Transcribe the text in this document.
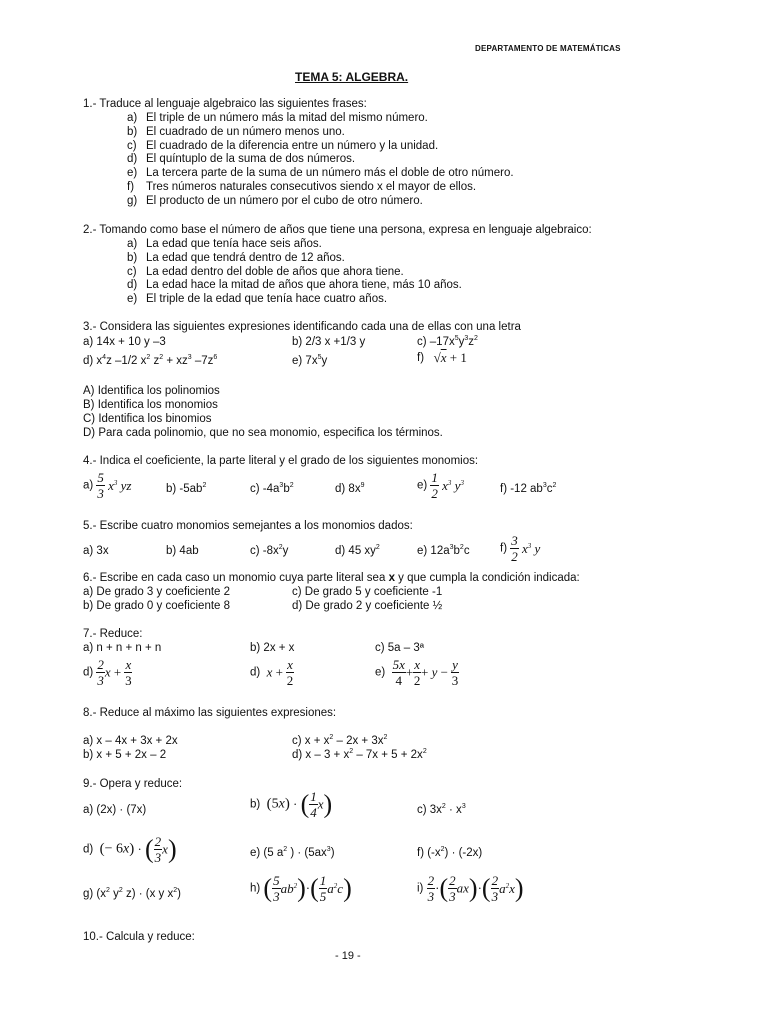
DEPARTAMENTO DE MATEMÁTICAS
TEMA 5: ALGEBRA.
1.- Traduce al lenguaje algebraico las siguientes frases:
a) El triple de un número más la mitad del mismo número.
b) El cuadrado de un número menos uno.
c) El cuadrado de la diferencia entre un número y la unidad.
d) El quíntuplo de la suma de dos números.
e) La tercera parte de la suma de un número más el doble de otro número.
f) Tres números naturales consecutivos siendo x el mayor de ellos.
g) El producto de un número por el cubo de otro número.
2.- Tomando como base el número de años que tiene una persona, expresa en lenguaje algebraico:
a) La edad que tenía hace seis años.
b) La edad que tendrá dentro de 12 años.
c) La edad dentro del doble de años que ahora tiene.
d) La edad hace la mitad de años que ahora tiene, más 10 años.
e) El triple de la edad que tenía hace cuatro años.
3.- Considera las siguientes expresiones identificando cada una de ellas con una letra
a) 14x + 10 y –3	b) 2/3 x +1/3 y	c) $-17x^5y^3z^2$
d) $x^4z$ –1/2 $x^2$ $z^2 + xz^3$ $-7z^6$	e) $7x^5y$	f) √x + 1
A) Identifica los polinomios
B) Identifica los monomios
C) Identifica los binomios
D) Para cada polinomio, que no sea monomio, especifica los términos.
4.- Indica el coeficiente, la parte literal y el grado de los siguientes monomios:
$a) \frac{5}{3} x^3$ yz	b) $-5ab^2$	c) $-4a^3b^2$	d) $8x^9$	$e) \frac{1}{2} x^3$ $y^3$
f) -12 $ab^3c^2$
5.- Escribe cuatro monomios semejantes a los monomios dados:
a) 3x	b) 4ab	c) $-8x^2y$	d) 45 $xy^2$	e) $12a^3b^2c$	$f) \frac{3}{2} x^3$ y
6.- Escribe en cada caso un monomio cuya parte literal sea x y que cumpla la condición indicada:
a) De grado 3 y coeficiente 2	c) De grado 5 y coeficiente -1
b) De grado 0 y coeficiente 8	d) De grado 2 y coeficiente ½
7.- Reduce:
a) n + n + n + n	b) 2x + x	c) 5a – 3ª
$d) \frac{2}{3}$ $x + \frac{x}{3}$	d)  $x + \frac{x}{2}$	$e) \frac{5x}{4} + \frac{x}{2} + y - \frac{y}{3}$
8.- Reduce al máximo las siguientes expresiones:
a) x – 4x + 3x + 2x	c) $x + x^2 - 2x + 3x^2$
b) x + 5 + 2x – 2	d) $x - 3 + x^2 - 7x + 5 + 2x^2$
9.- Opera y reduce:
a) (2x) · (7x)	b)  (5x) · ( $\frac{1}{4} x$)	c) $3x^2 \cdot x^3$
d)  (− 6x) · ( $\frac{2}{3} x$)	e) (5 $a^2$ ) · $(5ax^3)$	f) $(-x^2) \cdot (-2x)$
g) ($x^2$ $y^2$ z) · (x y $x^2$)	h) ( $\frac{5}{3} ab^2)\cdot( \frac{1}{5} a^2c)$	$i) \frac{2}{3}$ ·( $\frac{2}{3} ax)\cdot( \frac{2}{3} a^2x)$
10.- Calcula y reduce:
- 19 -
